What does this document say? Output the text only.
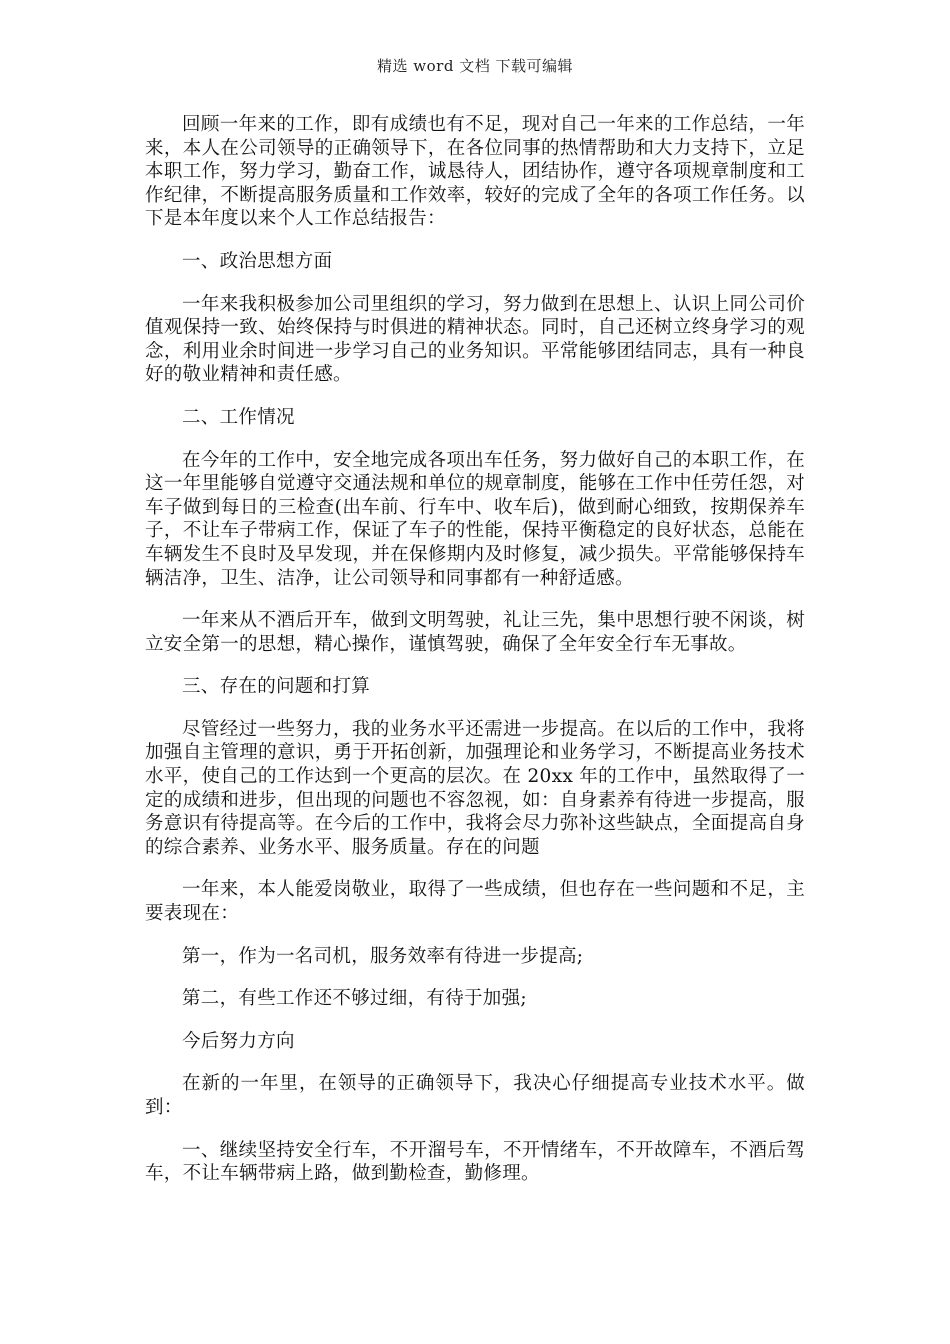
精选 word 文档 下载可编辑

回顾一年来的工作，即有成绩也有不足，现对自己一年来的工作总结，一年来，本人在公司领导的正确领导下，在各位同事的热情帮助和大力支持下，立足本职工作，努力学习，勤奋工作，诚恳待人，团结协作，遵守各项规章制度和工作纪律，不断提高服务质量和工作效率，较好的完成了全年的各项工作任务。以下是本年度以来个人工作总结报告：

一、政治思想方面

一年来我积极参加公司里组织的学习，努力做到在思想上、认识上同公司价值观保持一致、始终保持与时俱进的精神状态。同时，自己还树立终身学习的观念，利用业余时间进一步学习自己的业务知识。平常能够团结同志，具有一种良好的敬业精神和责任感。

二、工作情况

在今年的工作中，安全地完成各项出车任务，努力做好自己的本职工作，在这一年里能够自觉遵守交通法规和单位的规章制度，能够在工作中任劳任怨，对车子做到每日的三检查(出车前、行车中、收车后)，做到耐心细致，按期保养车子，不让车子带病工作，保证了车子的性能，保持平衡稳定的良好状态，总能在车辆发生不良时及早发现，并在保修期内及时修复，减少损失。平常能够保持车辆洁净，卫生、洁净，让公司领导和同事都有一种舒适感。

一年来从不酒后开车，做到文明驾驶，礼让三先，集中思想行驶不闲谈，树立安全第一的思想，精心操作，谨慎驾驶，确保了全年安全行车无事故。

三、存在的问题和打算

尽管经过一些努力，我的业务水平还需进一步提高。在以后的工作中，我将加强自主管理的意识，勇于开拓创新，加强理论和业务学习，不断提高业务技术水平，使自己的工作达到一个更高的层次。在 20xx 年的工作中，虽然取得了一定的成绩和进步，但出现的问题也不容忽视，如：自身素养有待进一步提高，服务意识有待提高等。在今后的工作中，我将会尽力弥补这些缺点，全面提高自身的综合素养、业务水平、服务质量。存在的问题

一年来，本人能爱岗敬业，取得了一些成绩，但也存在一些问题和不足，主要表现在：

第一，作为一名司机，服务效率有待进一步提高;

第二，有些工作还不够过细，有待于加强;

今后努力方向

在新的一年里，在领导的正确领导下，我决心仔细提高专业技术水平。做到：

一、继续坚持安全行车，不开溜号车，不开情绪车，不开故障车，不酒后驾车，不让车辆带病上路，做到勤检查，勤修理。
